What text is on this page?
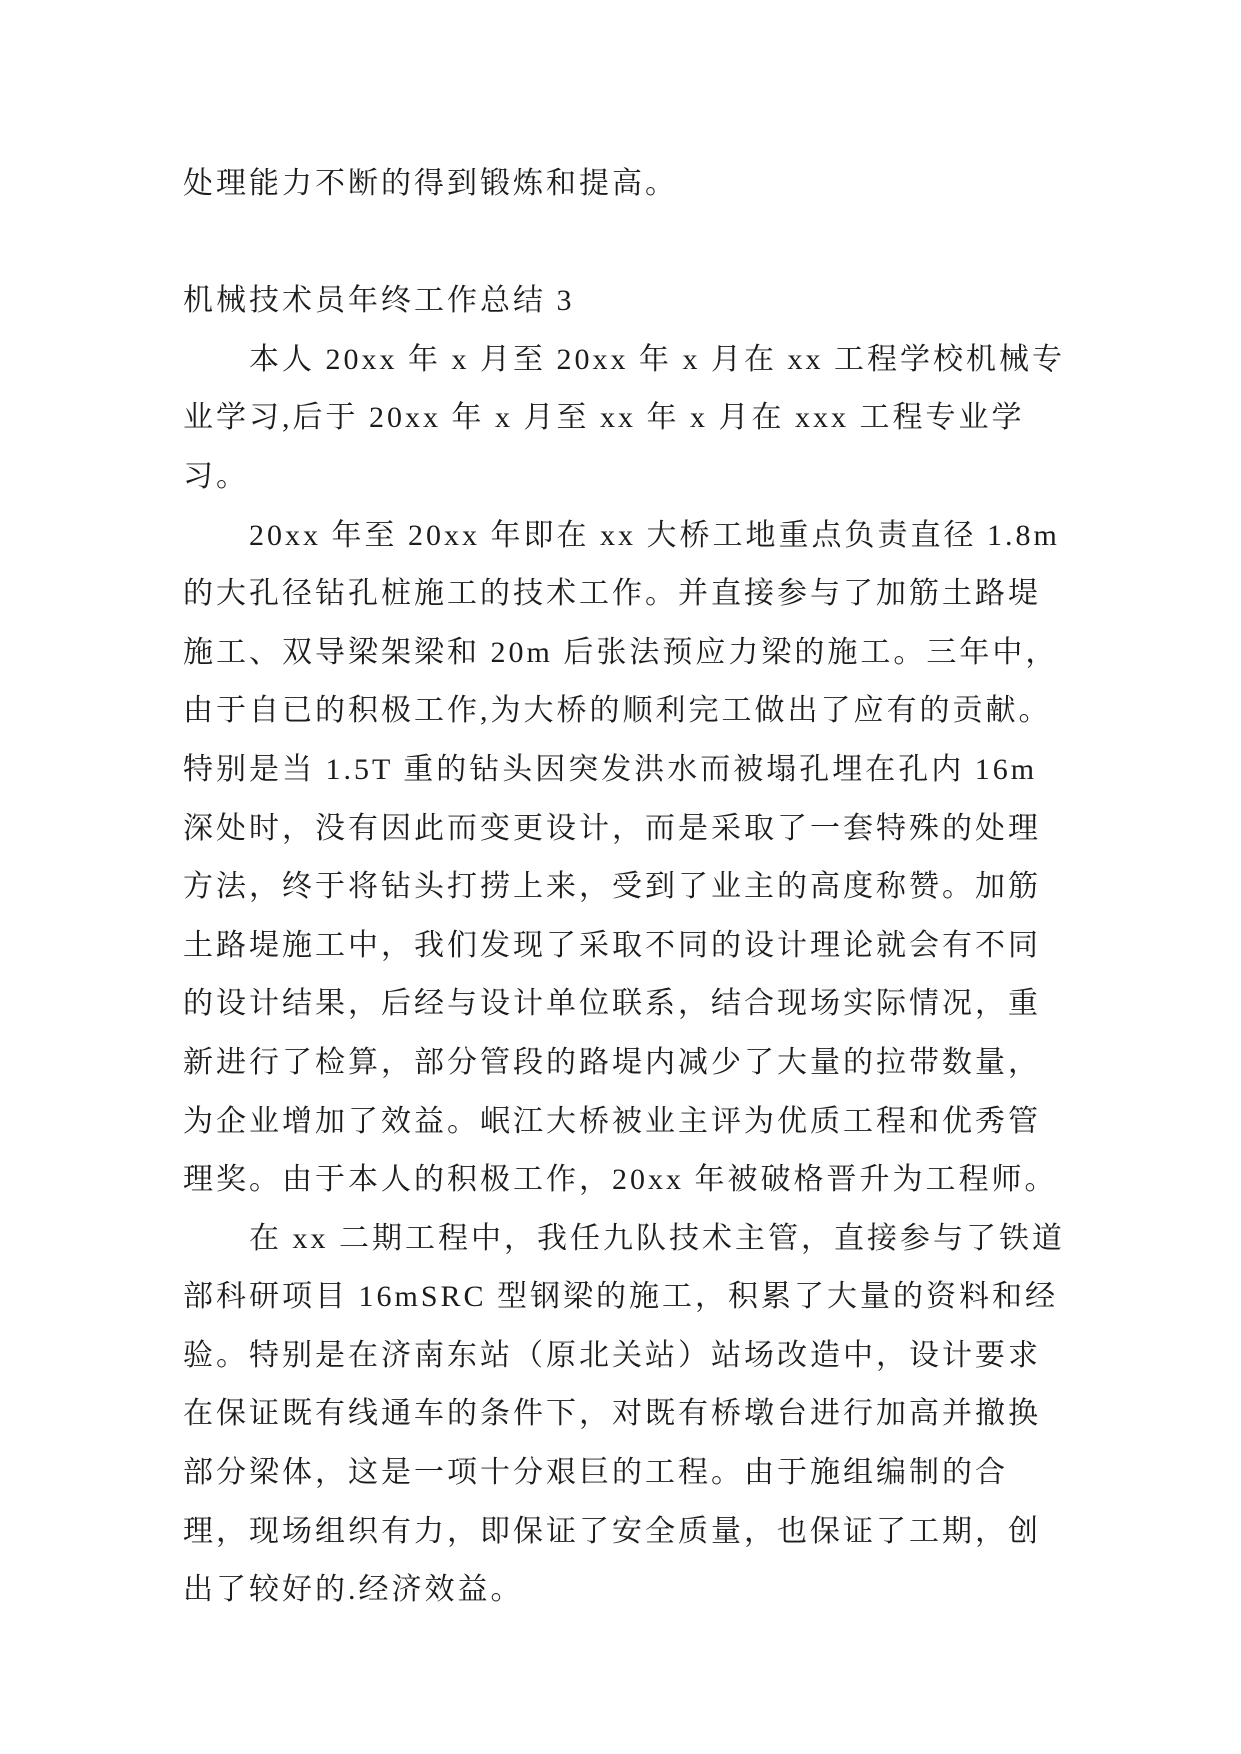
处理能力不断的得到锻炼和提高。

机械技术员年终工作总结 3

本人 20xx 年 x 月至 20xx 年 x 月在 xx 工程学校机械专业学习,后于 20xx 年 x 月至 xx 年 x 月在 xxx 工程专业学习。

20xx 年至 20xx 年即在 xx 大桥工地重点负责直径 1.8m 的大孔径钻孔桩施工的技术工作。并直接参与了加筋土路堤施工、双导梁架梁和 20m 后张法预应力梁的施工。三年中，由于自已的积极工作,为大桥的顺利完工做出了应有的贡献。特别是当 1.5T 重的钻头因突发洪水而被塌孔埋在孔内 16m 深处时，没有因此而变更设计，而是采取了一套特殊的处理方法，终于将钻头打捞上来，受到了业主的高度称赞。加筋土路堤施工中，我们发现了采取不同的设计理论就会有不同的设计结果，后经与设计单位联系，结合现场实际情况，重新进行了检算，部分管段的路堤内减少了大量的拉带数量，为企业增加了效益。岷江大桥被业主评为优质工程和优秀管理奖。由于本人的积极工作，20xx 年被破格晋升为工程师。

在 xx 二期工程中，我任九队技术主管，直接参与了铁道部科研项目 16mSRC 型钢梁的施工，积累了大量的资料和经验。特别是在济南东站（原北关站）站场改造中，设计要求在保证既有线通车的条件下，对既有桥墩台进行加高并撤换部分梁体，这是一项十分艰巨的工程。由于施组编制的合理，现场组织有力，即保证了安全质量，也保证了工期，创出了较好的.经济效益。
